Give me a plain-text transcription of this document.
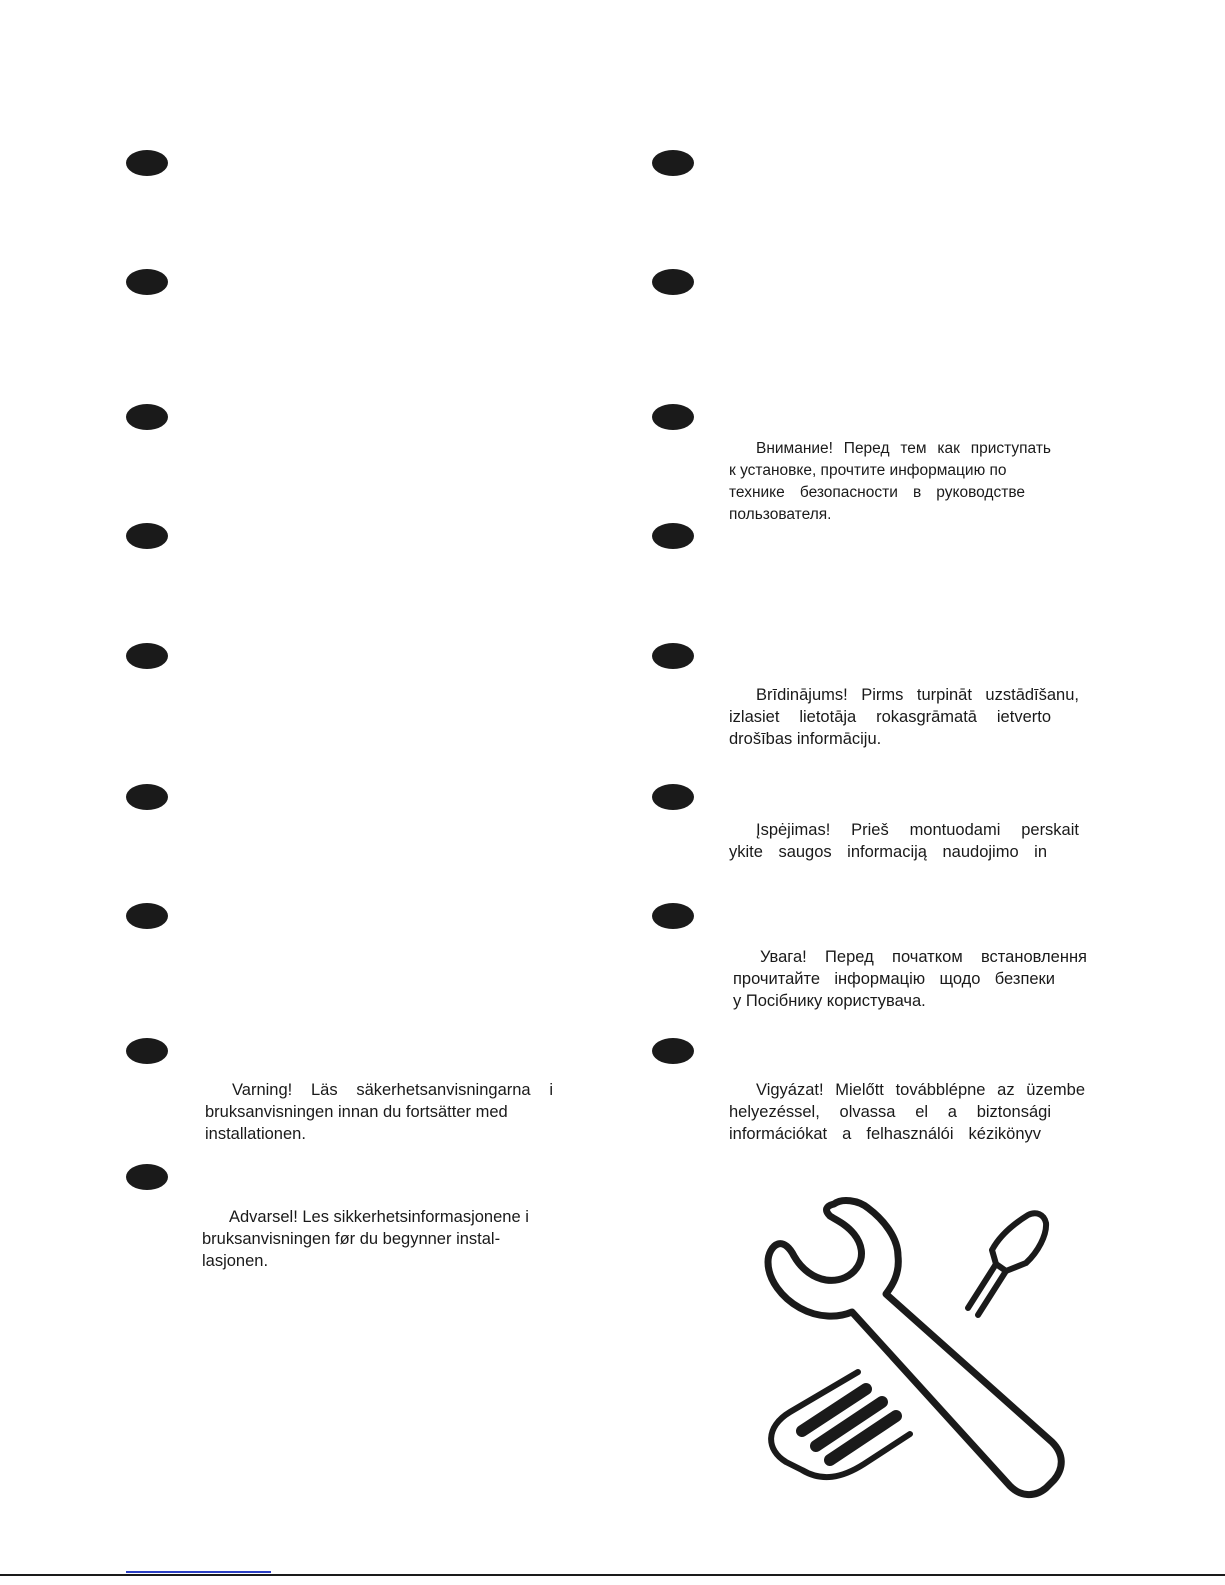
Varning! Läs säkerhetsanvisningarna i
bruksanvisningen innan du fortsätter med
installationen.
Advarsel! Les sikkerhetsinformasjonene i
bruksanvisningen før du begynner instal-
lasjonen.
Внимание! Перед тем как приступать
к установке, прочтите информацию по
технике безопасности в руководстве
пользователя.
Brīdinājums! Pirms turpināt uzstādīšanu,
izlasiet lietotāja rokasgrāmatā ietverto
drošības informāciju.
Įspėjimas! Prieš montuodami perskait
ykite saugos informaciją naudojimo in
Увага! Перед початком встановлення
прочитайте інформацію щодо безпеки
у Посібнику користувача.
Vigyázat! Mielőtt továbblépne az üzembe
helyezéssel, olvassa el a biztonsági
információkat a felhasználói kézikönyv
